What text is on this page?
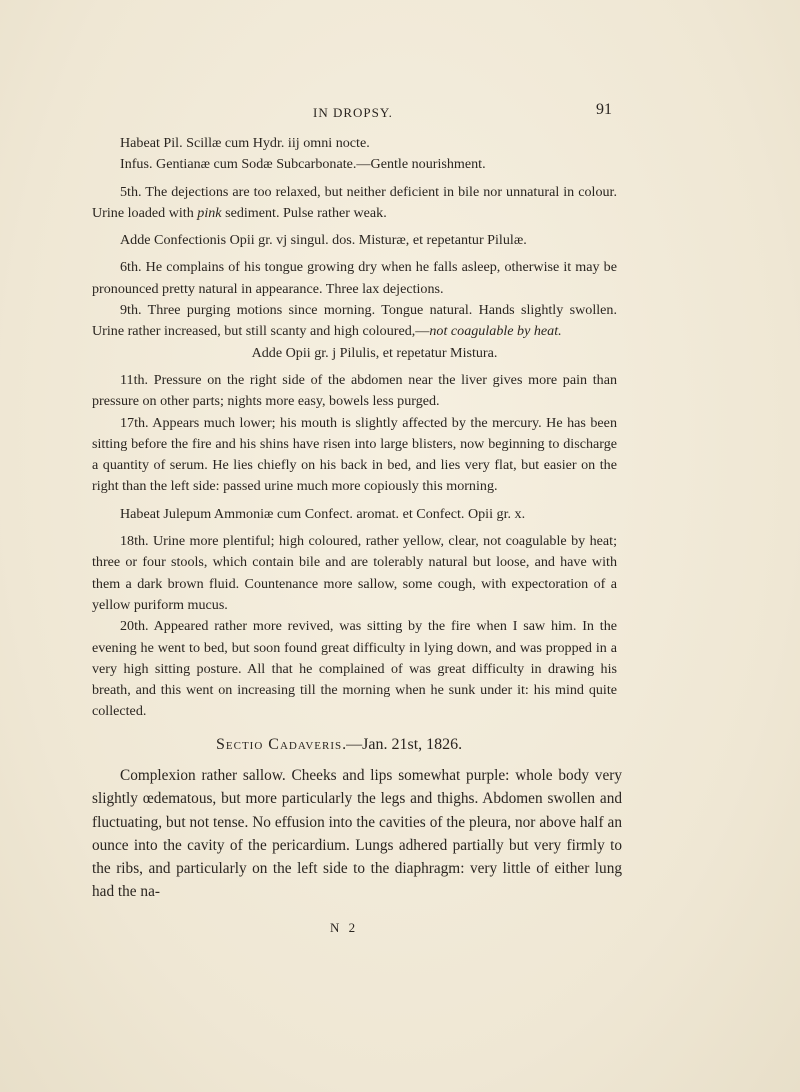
IN DROPSY.	91

Habeat Pil. Scillæ cum Hydr. iij omni nocte.

Infus. Gentianæ cum Sodæ Subcarbonate.—Gentle nourishment.

5th. The dejections are too relaxed, but neither deficient in bile nor unnatural in colour. Urine loaded with pink sediment. Pulse rather weak.

Adde Confectionis Opii gr. vj singul. dos. Misturæ, et repetantur Pilulæ.

6th. He complains of his tongue growing dry when he falls asleep, otherwise it may be pronounced pretty natural in appearance. Three lax dejections.

9th. Three purging motions since morning. Tongue natural. Hands slightly swollen. Urine rather increased, but still scanty and high coloured,—not coagulable by heat.

Adde Opii gr. j Pilulis, et repetatur Mistura.

11th. Pressure on the right side of the abdomen near the liver gives more pain than pressure on other parts; nights more easy, bowels less purged.

17th. Appears much lower; his mouth is slightly affected by the mercury. He has been sitting before the fire and his shins have risen into large blisters, now beginning to discharge a quantity of serum. He lies chiefly on his back in bed, and lies very flat, but easier on the right than the left side: passed urine much more copiously this morning.

Habeat Julepum Ammoniæ cum Confect. aromat. et Confect. Opii gr. x.

18th. Urine more plentiful; high coloured, rather yellow, clear, not coagulable by heat; three or four stools, which contain bile and are tolerably natural but loose, and have with them a dark brown fluid. Countenance more sallow, some cough, with expectoration of a yellow puriform mucus.

20th. Appeared rather more revived, was sitting by the fire when I saw him. In the evening he went to bed, but soon found great difficulty in lying down, and was propped in a very high sitting posture. All that he complained of was great difficulty in drawing his breath, and this went on increasing till the morning when he sunk under it: his mind quite collected.

Sectio Cadaveris.—Jan. 21st, 1826.

Complexion rather sallow. Cheeks and lips somewhat purple: whole body very slightly œdematous, but more particularly the legs and thighs. Abdomen swollen and fluctuating, but not tense. No effusion into the cavities of the pleura, nor above half an ounce into the cavity of the pericardium. Lungs adhered partially but very firmly to the ribs, and particularly on the left side to the diaphragm: very little of either lung had the na-

N 2
